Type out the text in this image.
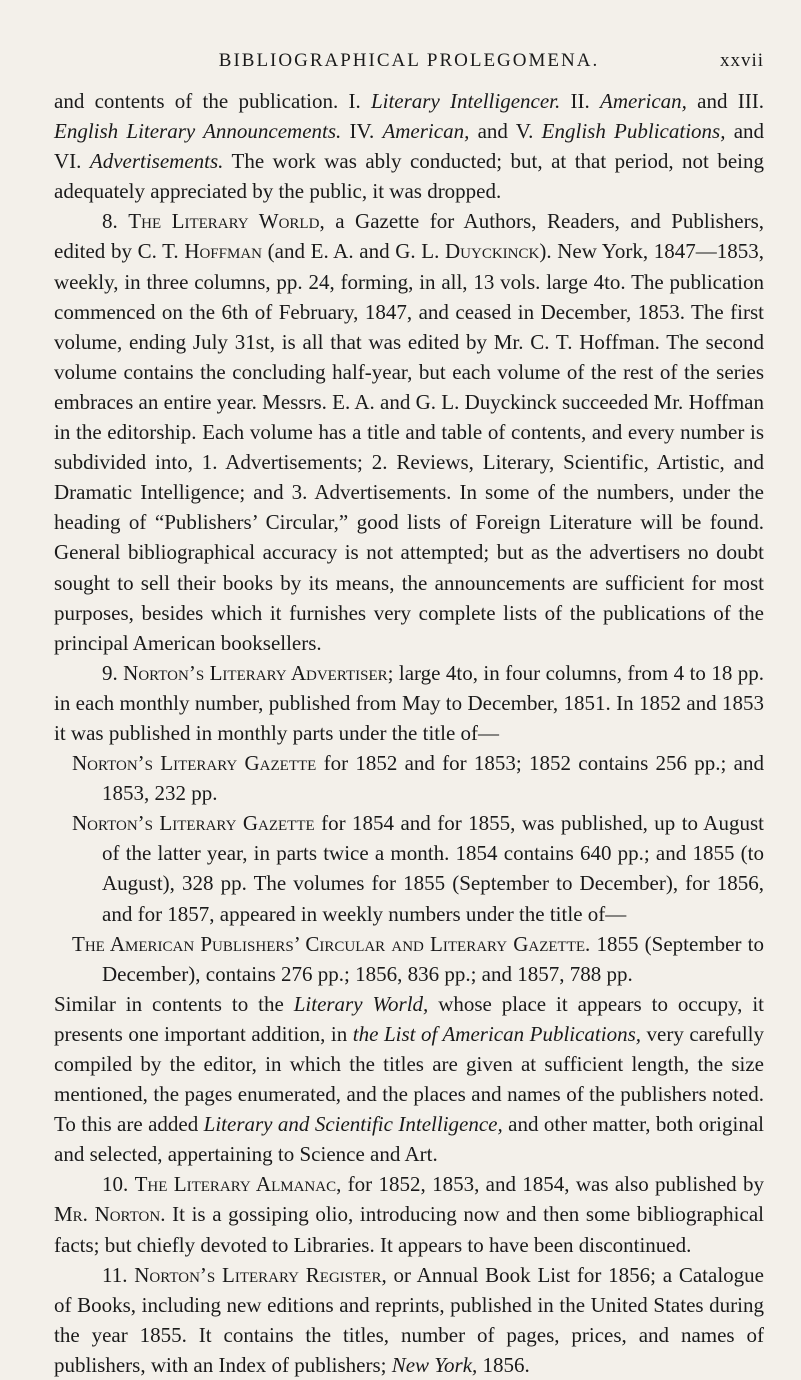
BIBLIOGRAPHICAL PROLEGOMENA.	xxvii

and contents of the publication. I. Literary Intelligencer. II. American, and III. English Literary Announcements. IV. American, and V. English Publications, and VI. Advertisements. The work was ably conducted; but, at that period, not being adequately appreciated by the public, it was dropped.

8. The Literary World, a Gazette for Authors, Readers, and Publishers, edited by C. T. Hoffman (and E. A. and G. L. Duyckinck). New York, 1847—1853, weekly, in three columns, pp. 24, forming, in all, 13 vols. large 4to. The publication commenced on the 6th of February, 1847, and ceased in December, 1853. The first volume, ending July 31st, is all that was edited by Mr. C. T. Hoffman. The second volume contains the concluding half-year, but each volume of the rest of the series embraces an entire year. Messrs. E. A. and G. L. Duyckinck succeeded Mr. Hoffman in the editorship. Each volume has a title and table of contents, and every number is subdivided into, 1. Advertisements; 2. Reviews, Literary, Scientific, Artistic, and Dramatic Intelligence; and 3. Advertisements. In some of the numbers, under the heading of “Publishers’ Circular,” good lists of Foreign Literature will be found. General bibliographical accuracy is not attempted; but as the advertisers no doubt sought to sell their books by its means, the announcements are sufficient for most purposes, besides which it furnishes very complete lists of the publications of the principal American booksellers.

9. Norton’s Literary Advertiser; large 4to, in four columns, from 4 to 18 pp. in each monthly number, published from May to December, 1851. In 1852 and 1853 it was published in monthly parts under the title of—

Norton’s Literary Gazette for 1852 and for 1853; 1852 contains 256 pp.; and 1853, 232 pp.

Norton’s Literary Gazette for 1854 and for 1855, was published, up to August of the latter year, in parts twice a month. 1854 contains 640 pp.; and 1855 (to August), 328 pp. The volumes for 1855 (September to December), for 1856, and for 1857, appeared in weekly numbers under the title of—

The American Publishers’ Circular and Literary Gazette. 1855 (September to December), contains 276 pp.; 1856, 836 pp.; and 1857, 788 pp.

Similar in contents to the Literary World, whose place it appears to occupy, it presents one important addition, in the List of American Publications, very carefully compiled by the editor, in which the titles are given at sufficient length, the size mentioned, the pages enumerated, and the places and names of the publishers noted. To this are added Literary and Scientific Intelligence, and other matter, both original and selected, appertaining to Science and Art.

10. The Literary Almanac, for 1852, 1853, and 1854, was also published by Mr. Norton. It is a gossiping olio, introducing now and then some bibliographical facts; but chiefly devoted to Libraries. It appears to have been discontinued.

11. Norton’s Literary Register, or Annual Book List for 1856; a Catalogue of Books, including new editions and reprints, published in the United States during the year 1855. It contains the titles, number of pages, prices, and names of publishers, with an Index of publishers; New York, 1856.
